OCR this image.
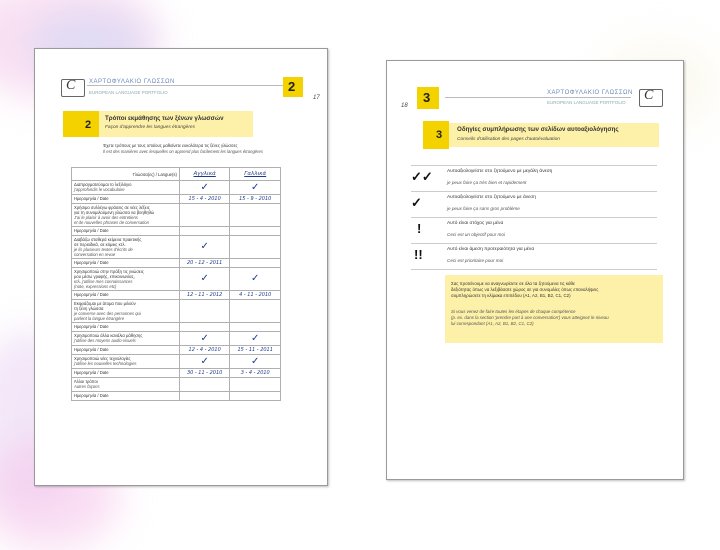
C
ΧΑΡΤΟΦΥΛΑΚΙΟ ΓΛΩΣΣΩΝ
EUROPEAN LANGUAGE PORTFOLIO	2
17
2
Τρόποι εκμάθησης των ξένων γλωσσών
Façon d'apprendre les langues étrangères
Έχετε τρόπους με τους οποίους μαθαίνετε ευκολότερα τις ξένες γλώσσες
Il est des manières avec lesquelles on apprend plus facilement les langues étrangères
Γλώσσα(ες) / Langue(s)	Αγγλικά	Γαλλικά

Διαπραγματεύομαι το λεξιλόγιο
j'approfondis le vocabulaire	✓	✓

Ημερομηνία / Date	15 - 4 - 2010	15 - 9 - 2010

Χρήσιμο συλλέγω φράσεις σε νέες λέξεις
για τη συνομιλούμενη γλώσσα να βοηθηθώ
J'ai le plaisir à avoir des entretiens
et de nouvelles phrases de conversation		

Ημερομηνία / Date		

Διαβάζω σταθερά κείμενα πρακτικής
σε περιοδικά, σε κόμικς κτλ.
je lis plusieurs textes d'écrits de
conversation en revue	✓	

Ημερομηνία / Date	20 - 12 - 2011	

Χρησιμοποιώ στην πράξη τις γνώσεις
μου μέσω γραφής, επικοινωνίας,
κτλ. j'utilise mes connaissances
(note, expressions etc)	✓	✓

Ημερομηνία / Date	12 - 11 - 2012	4 - 11 - 2010

Εκφράζομαι με άτομα που μιλούν
τη ξένη γλώσσα
je converse avec des personnes qui
parlent la langue étrangère		

Ημερομηνία / Date		

Χρησιμοποιώ άλλα κανάλια μάθησης
j'utilise des moyens audio-visuels	✓	✓

Ημερομηνία / Date	12 - 4 - 2010	15 - 11 - 2011

Χρησιμοποιώ νέες τεχνολογίες
j'utilise les nouvelles technologies	✓	✓

Ημερομηνία / Date	30 - 11 - 2010	3 - 4 - 2010

Άλλοι τρόποι
Autres façons		

Ημερομηνία / Date		

18
3	ΧΑΡΤΟΦΥΛΑΚΙΟ ΓΛΩΣΣΩΝ
EUROPEAN LANGUAGE PORTFOLIO
C
3 Οδηγίες συμπλήρωσης των σελίδων αυτοαξιολόγησης
Conseils d'utilisation des pages d'autoévaluation
✓✓	Αυτοαξιολογείστε στο ζητούμενο με μεγάλη άνεση
je peux faire ça très bien et rapidement
✓	Αυτοαξιολογείστε στο ζητούμενο με άνεση
je peux faire ça sans gros problème
!	Αυτό είναι στόχος για μένα
Ceci est un objectif pour moi
!!	Αυτό είναι άμεση προτεραιότητα για μένα
Ceci est prioritaire pour moi
Σας προτείνουμε να αναγνωρίσετε σε όλα τα ζητούμενα τις κάθε
δεξιότητας όπως να λεξιβάσατε χώρος σε για συνομιλίες όπως επαναλήψεις
συμπληρώσετε τη κλίμακα επιπέδου (A1, A2, B1, B2, C1, C2)
Si vous venez de faire toutes les étapes de chaque compétence
(p. ex. dans la section 'prendre part à une conversation') vous atteignez le niveau
lui correspondant (A1, A2, B1, B2, C1, C2)
